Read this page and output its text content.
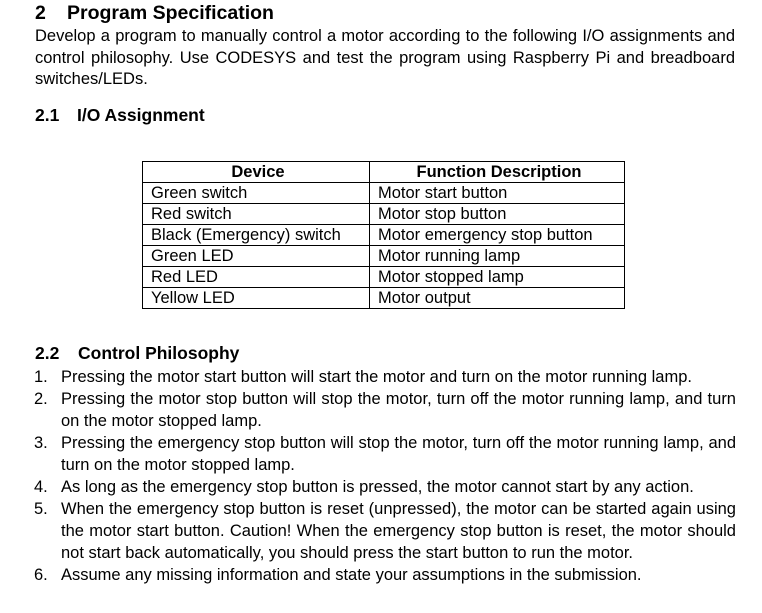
2 Program Specification
Develop a program to manually control a motor according to the following I/O assignments and control philosophy. Use CODESYS and test the program using Raspberry Pi and breadboard switches/LEDs.
2.1 I/O Assignment
Device	Function Description
Green switch	Motor start button
Red switch	Motor stop button
Black (Emergency) switch	Motor emergency stop button
Green LED	Motor running lamp
Red LED	Motor stopped lamp
Yellow LED	Motor output
2.2 Control Philosophy
1. Pressing the motor start button will start the motor and turn on the motor running lamp.
2. Pressing the motor stop button will stop the motor, turn off the motor running lamp, and turn on the motor stopped lamp.
3. Pressing the emergency stop button will stop the motor, turn off the motor running lamp, and turn on the motor stopped lamp.
4. As long as the emergency stop button is pressed, the motor cannot start by any action.
5. When the emergency stop button is reset (unpressed), the motor can be started again using the motor start button. Caution! When the emergency stop button is reset, the motor should not start back automatically, you should press the start button to run the motor.
6. Assume any missing information and state your assumptions in the submission.
